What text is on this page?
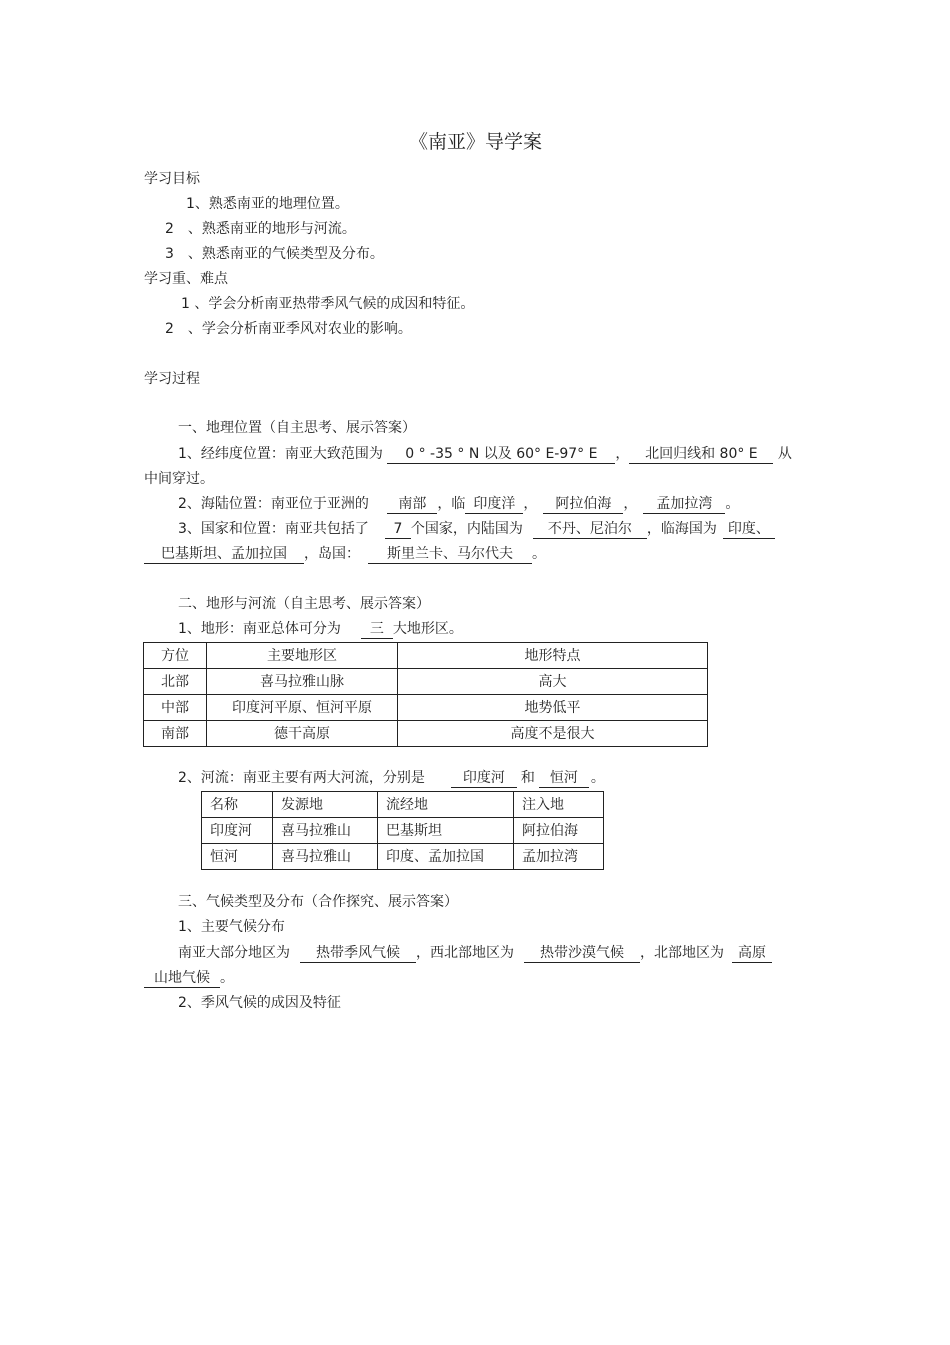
《南亚》导学案
学习目标
1、熟悉南亚的地理位置。
2　、熟悉南亚的地形与河流。
3　、熟悉南亚的气候类型及分布。
学习重、难点
1 、学会分析南亚热带季风气候的成因和特征。
2　、学会分析南亚季风对农业的影响。
学习过程
一、地理位置（自主思考、展示答案）
1、经纬度位置：南亚大致范围为 0 ° -35 ° N 以及 60° E-97° E ， 北回归线和 80° E 从
中间穿过。
2、海陆位置：南亚位于亚洲的 南部 ，临 印度洋 ， 阿拉伯海 ， 孟加拉湾 。
3、国家和位置：南亚共包括了 7 个国家，内陆国为 不丹、尼泊尔 ，临海国为 印度、
巴基斯坦、孟加拉国 ，岛国： 斯里兰卡、马尔代夫 。
二、地形与河流（自主思考、展示答案）
1、地形：南亚总体可分为 三 大地形区。
方位	主要地形区	地形特点
北部	喜马拉雅山脉	高大
中部	印度河平原、恒河平原	地势低平
南部	德干高原	高度不是很大
2、河流：南亚主要有两大河流，分别是	印度河 和 恒河 。
名称	发源地	流经地	注入地
印度河	喜马拉雅山	巴基斯坦	阿拉伯海
恒河	喜马拉雅山	印度、孟加拉国	孟加拉湾
三、气候类型及分布（合作探究、展示答案）
1、主要气候分布
南亚大部分地区为 热带季风气候 ，西北部地区为 热带沙漠气候 ，北部地区为 高原
山地气候 。
2、季风气候的成因及特征
